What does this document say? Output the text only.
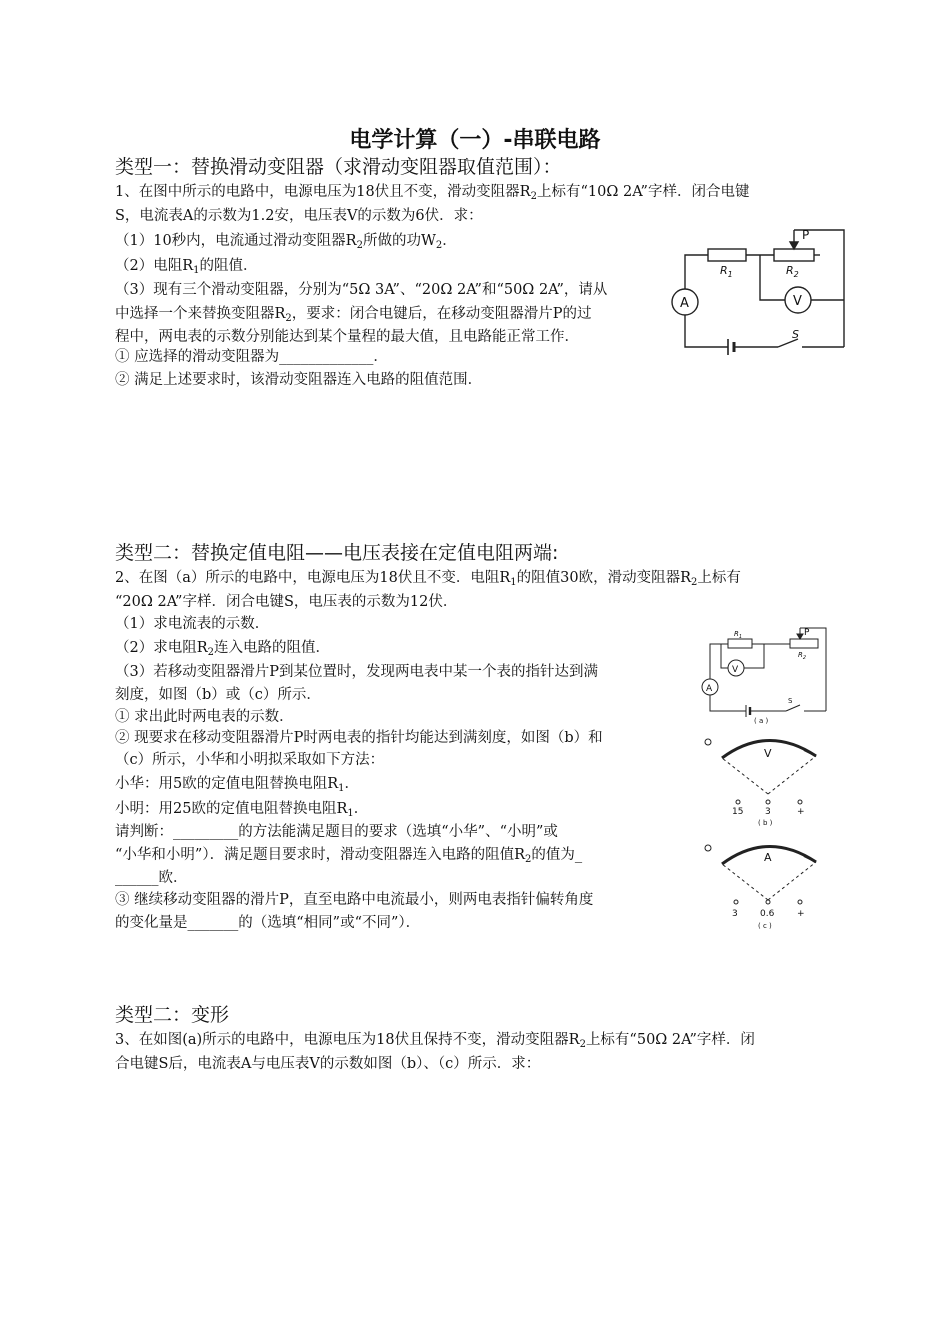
电学计算（一）-串联电路
类型一：替换滑动变阻器（求滑动变阻器取值范围）：
1、在图中所示的电路中，电源电压为18伏且不变，滑动变阻器$R_2$上标有“10Ω 2A”字样．闭合电键
S，电流表A的示数为1.2安，电压表V的示数为6伏．求：
（1）10秒内，电流通过滑动变阻器$R_2$所做的功$W_2$．
（2）电阻$R_1$的阻值．
（3）现有三个滑动变阻器，分别为“5Ω 3A”、“20Ω 2A”和“50Ω 2A”，请从
中选择一个来替换变阻器$R_2$，要求：闭合电键后，在移动变阻器滑片P的过
程中，两电表的示数分别能达到某个量程的最大值，且电路能正常工作．
① 应选择的滑动变阻器为_____________．
② 满足上述要求时，该滑动变阻器连入电路的阻值范围．
P
$R_1$	$R_2$
A	V
S
类型二：替换定值电阻——电压表接在定值电阻两端:
2、在图（a）所示的电路中，电源电压为18伏且不变．电阻$R_1$的阻值30欧，滑动变阻器$R_2$上标有
“20Ω 2A”字样．闭合电键S，电压表的示数为12伏．
（1）求电流表的示数．
（2）求电阻$R_2$连入电路的阻值．
（3）若移动变阻器滑片P到某位置时，发现两电表中某一个表的指针达到满
刻度，如图（b）或（c）所示．
① 求出此时两电表的示数．
② 现要求在移动变阻器滑片P时两电表的指针均能达到满刻度，如图（b）和
（c）所示，小华和小明拟采取如下方法：
小华：用5欧的定值电阻替换电阻$R_1$．
小明：用25欧的定值电阻替换电阻$R_1$．
请判断：_________的方法能满足题目的要求（选填“小华”、“小明”或
“小华和小明”）．满足题目要求时，滑动变阻器连入电路的阻值$R_2$的值为_
______欧．
③ 继续移动变阻器的滑片P，直至电路中电流最小，则两电表指针偏转角度
的变化量是_______的（选填“相同”或“不同”）．
P
$R_1$
$R_2$
V
A
S
( a )
V
15 3	+
( b )
A
3 0.6	+
( c )
类型二：变形
3、在如图(a)所示的电路中，电源电压为18伏且保持不变，滑动变阻器$R_2$上标有“50Ω 2A”字样．闭
合电键S后，电流表A与电压表V的示数如图（b）、（c）所示．求：
